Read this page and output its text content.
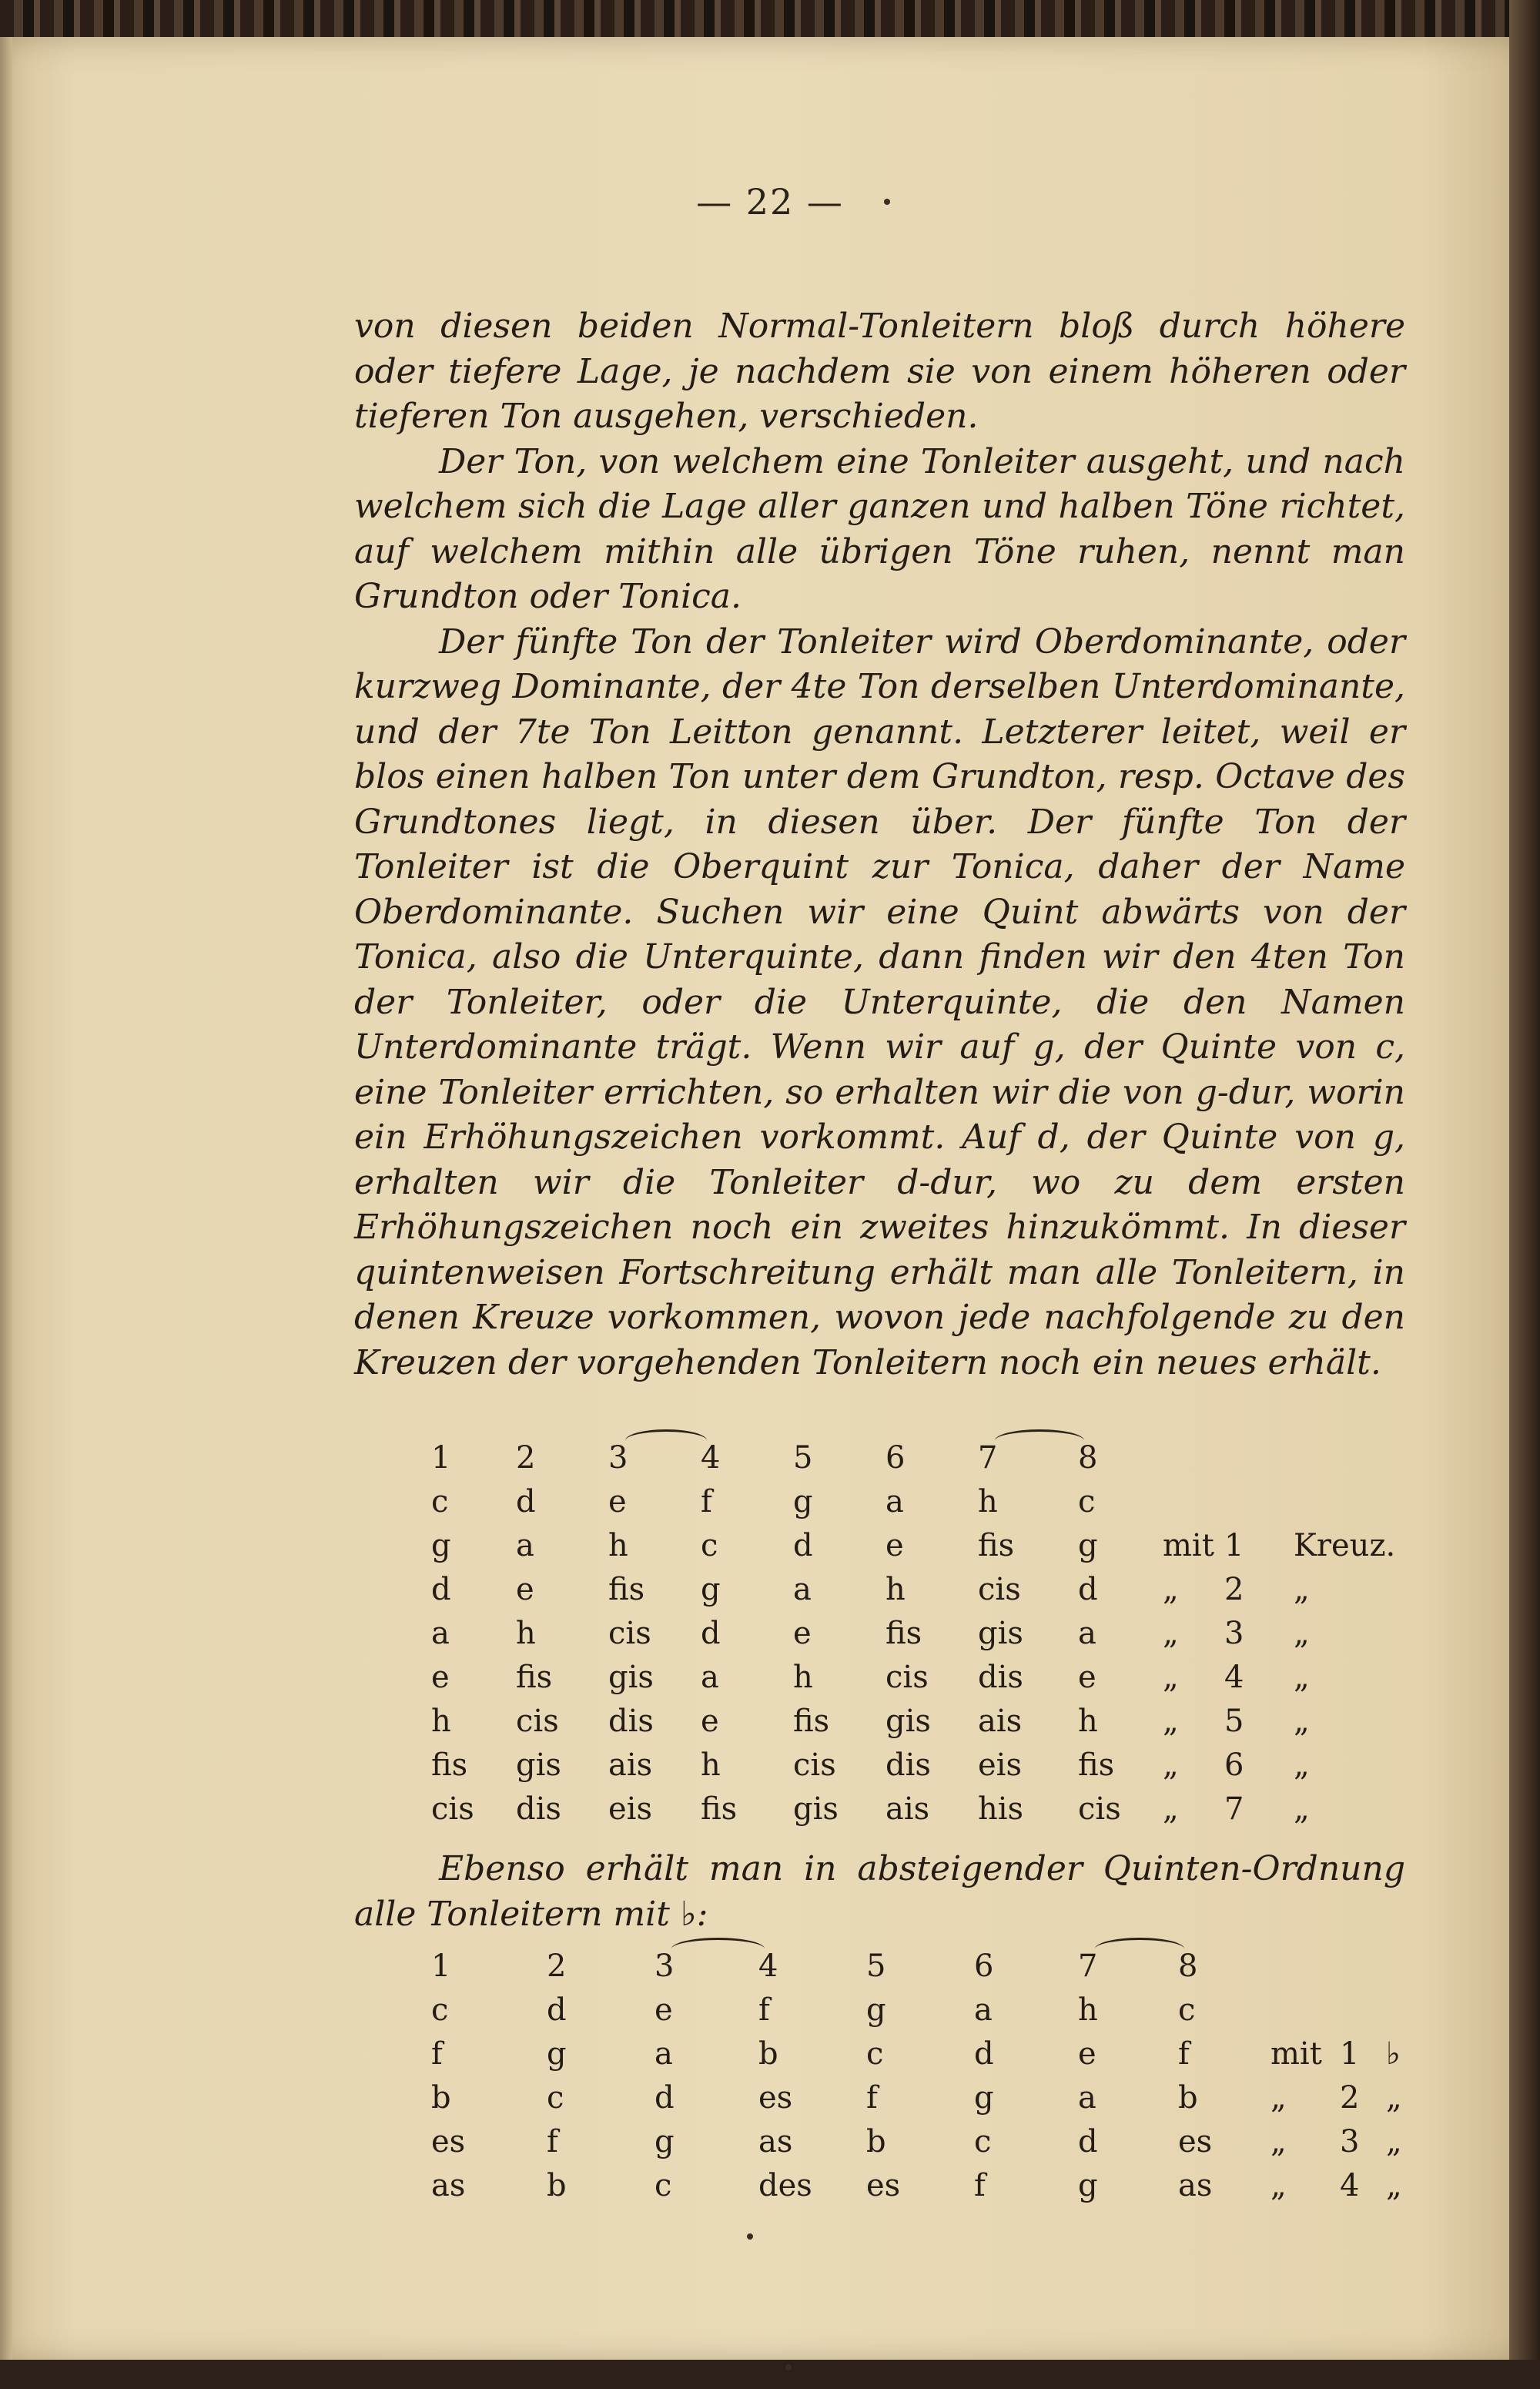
— 22 —

von diesen beiden Normal-Tonleitern bloß durch höhere oder tiefere Lage, je nachdem sie von einem höheren oder tieferen Ton ausgehen, verschieden.

Der Ton, von welchem eine Tonleiter ausgeht, und nach welchem sich die Lage aller ganzen und halben Töne richtet, auf welchem mithin alle übrigen Töne ruhen, nennt man Grundton oder Tonica.

Der fünfte Ton der Tonleiter wird Oberdominante, oder kurzweg Dominante, der 4te Ton derselben Unterdominante, und der 7te Ton Leitton genannt. Letzterer leitet, weil er blos einen halben Ton unter dem Grundton, resp. Octave des Grundtones liegt, in diesen über. Der fünfte Ton der Tonleiter ist die Oberquint zur Tonica, daher der Name Oberdominante. Suchen wir eine Quint abwärts von der Tonica, also die Unterquinte, dann finden wir den 4ten Ton der Tonleiter, oder die Unterquinte, die den Namen Unterdominante trägt. Wenn wir auf g, der Quinte von c, eine Tonleiter errichten, so erhalten wir die von g-dur, worin ein Erhöhungszeichen vorkommt. Auf d, der Quinte von g, erhalten wir die Tonleiter d-dur, wo zu dem ersten Erhöhungszeichen noch ein zweites hinzukömmt. In dieser quintenweisen Fortschreitung erhält man alle Tonleitern, in denen Kreuze vorkommen, wovon jede nachfolgende zu den Kreuzen der vorgehenden Tonleitern noch ein neues erhält.

1 2 3 4 5 6 7	8
c d e f	g a h	c
g a h c d e fis g mit 1 Kreuz.
d e fis g a h cis d „ 2 „
a h cis d e fis gis a „ 3 „
e fis gis a h cis dis e „ 4 „
h cis dis e fis gis ais h „ 5 „
fis gis ais h cis dis eis fis „ 6 „
cis dis eis fis gis ais his cis „ 7 „

Ebenso erhält man in absteigender Quinten-Ordnung alle Tonleitern mit ♭:

1	2	3	4	5	6	7	8
c	d	e	f	g	a	h	c
f	g	a	b	c	d	e	f	mit 1 ♭
b	c	d	es f	g	a	b „ 2 „
es	f	g	as b	c	d	es „ 3 „
as	b	c	des es f	g	as „ 4 „
